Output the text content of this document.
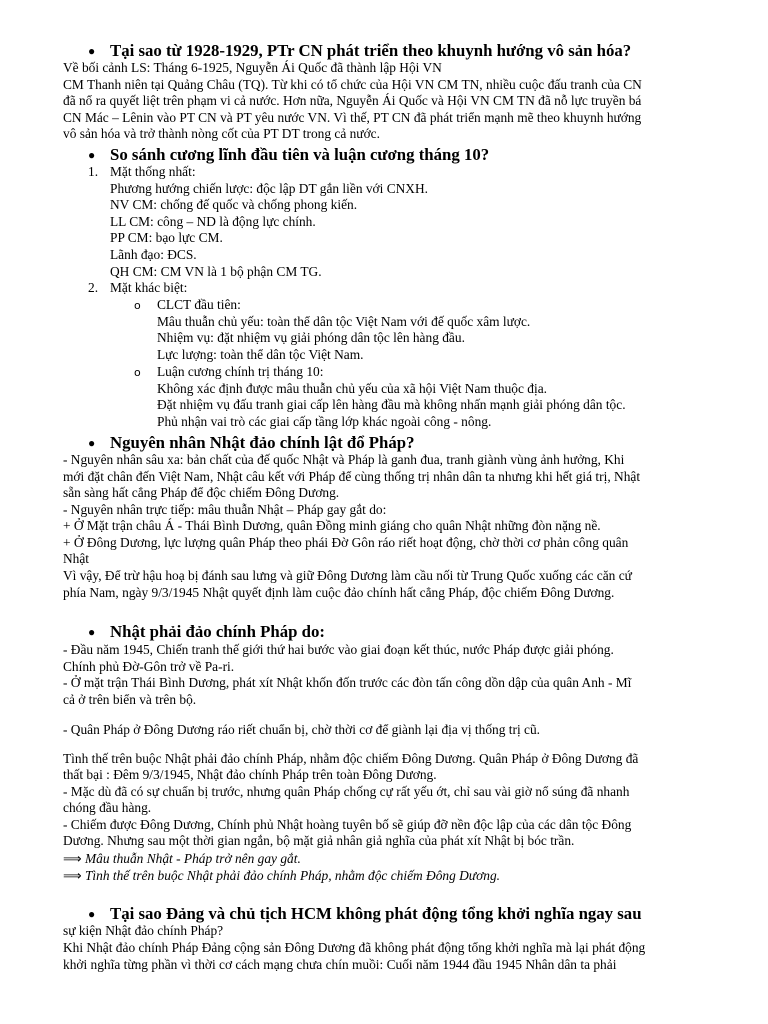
● Tại sao từ 1928-1929, PTr CN phát triển theo khuynh hướng vô sản hóa?
Về bối cảnh LS: Tháng 6-1925, Nguyễn Ái Quốc đã thành lập Hội VN
CM Thanh niên tại Quảng Châu (TQ). Từ khi có tổ chức của Hội VN CM TN, nhiều cuộc đấu tranh của CN
đã nổ ra quyết liệt trên phạm vi cả nước. Hơn nữa, Nguyễn Ái Quốc và Hội VN CM TN đã nỗ lực truyền bá
CN Mác – Lênin vào PT CN và PT yêu nước VN. Vì thế, PT CN đã phát triển mạnh mẽ theo khuynh hướng
vô sản hóa và trở thành nòng cốt của PT DT trong cả nước.
● So sánh cương lĩnh đầu tiên và luận cương tháng 10?
1. Mặt thống nhất:
Phương hướng chiến lược: độc lập DT gắn liền với CNXH.
NV CM: chống đế quốc và chống phong kiến.
LL CM: công – ND là động lực chính.
PP CM: bạo lực CM.
Lãnh đạo: ĐCS.
QH CM: CM VN là 1 bộ phận CM TG.
2. Mặt khác biệt:
o CLCT đầu tiên:
Mâu thuẫn chủ yếu: toàn thể dân tộc Việt Nam với đế quốc xâm lược.
Nhiệm vụ: đặt nhiệm vụ giải phóng dân tộc lên hàng đầu.
Lực lượng: toàn thể dân tộc Việt Nam.
o Luận cương chính trị tháng 10:
Không xác định được mâu thuẫn chủ yếu của xã hội Việt Nam thuộc địa.
Đặt nhiệm vụ đấu tranh giai cấp lên hàng đầu mà không nhấn mạnh giải phóng dân tộc.
Phủ nhận vai trò các giai cấp tầng lớp khác ngoài công - nông.
● Nguyên nhân Nhật đảo chính lật đổ Pháp?
- Nguyên nhân sâu xa: bản chất của đế quốc Nhật và Pháp là ganh đua, tranh giành vùng ảnh hưởng, Khi
mới đặt chân đến Việt Nam, Nhật câu kết với Pháp để cùng thống trị nhân dân ta nhưng khi hết giá trị, Nhật
sẵn sàng hất cẳng Pháp để độc chiếm Đông Dương.
- Nguyên nhân trực tiếp: mâu thuẫn Nhật – Pháp gay gắt do:
+ Ở Mặt trận châu Á - Thái Bình Dương, quân Đồng minh giáng cho quân Nhật những đòn nặng nề.
+ Ở Đông Dương, lực lượng quân Pháp theo phái Đờ Gôn ráo riết hoạt động, chờ thời cơ phản công quân
Nhật
Vì vậy, Để trừ hậu hoạ bị đánh sau lưng và giữ Đông Dương làm cầu nối từ Trung Quốc xuống các căn cứ
phía Nam, ngày 9/3/1945 Nhật quyết định làm cuộc đảo chính hất cẳng Pháp, độc chiếm Đông Dương.
● Nhật phải đảo chính Pháp do:
- Đầu năm 1945, Chiến tranh thế giới thứ hai bước vào giai đoạn kết thúc, nước Pháp được giải phóng.
Chính phủ Đờ-Gôn trở về Pa-ri.
- Ở mặt trận Thái Bình Dương, phát xít Nhật khốn đốn trước các đòn tấn công dồn dập của quân Anh - Mĩ
cả ở trên biển và trên bộ.
- Quân Pháp ở Đông Dương ráo riết chuẩn bị, chờ thời cơ để giành lại địa vị thống trị cũ.
Tình thế trên buộc Nhật phải đảo chính Pháp, nhằm độc chiếm Đông Dương. Quân Pháp ở Đông Dương đã
thất bại : Đêm 9/3/1945, Nhật đảo chính Pháp trên toàn Đông Dương.
- Mặc dù đã có sự chuẩn bị trước, nhưng quân Pháp chống cự rất yếu ớt, chỉ sau vài giờ nổ súng đã nhanh
chóng đầu hàng.
- Chiếm được Đông Dương, Chính phủ Nhật hoàng tuyên bố sẽ giúp đỡ nền độc lập của các dân tộc Đông
Dương. Nhưng sau một thời gian ngắn, bộ mặt giả nhân giả nghĩa của phát xít Nhật bị bóc trần.
⟹ Mâu thuẫn Nhật - Pháp trở nên gay gắt.
⟹ Tình thế trên buộc Nhật phải đảo chính Pháp, nhằm độc chiếm Đông Dương.
● Tại sao Đảng và chủ tịch HCM không phát động tổng khởi nghĩa ngay sau
sự kiện Nhật đảo chính Pháp?
Khi Nhật đảo chính Pháp Đảng cộng sản Đông Dương đã không phát động tổng khởi nghĩa mà lại phát động
khởi nghĩa từng phần vì thời cơ cách mạng chưa chín muồi: Cuối năm 1944 đầu 1945 Nhân dân ta phải
